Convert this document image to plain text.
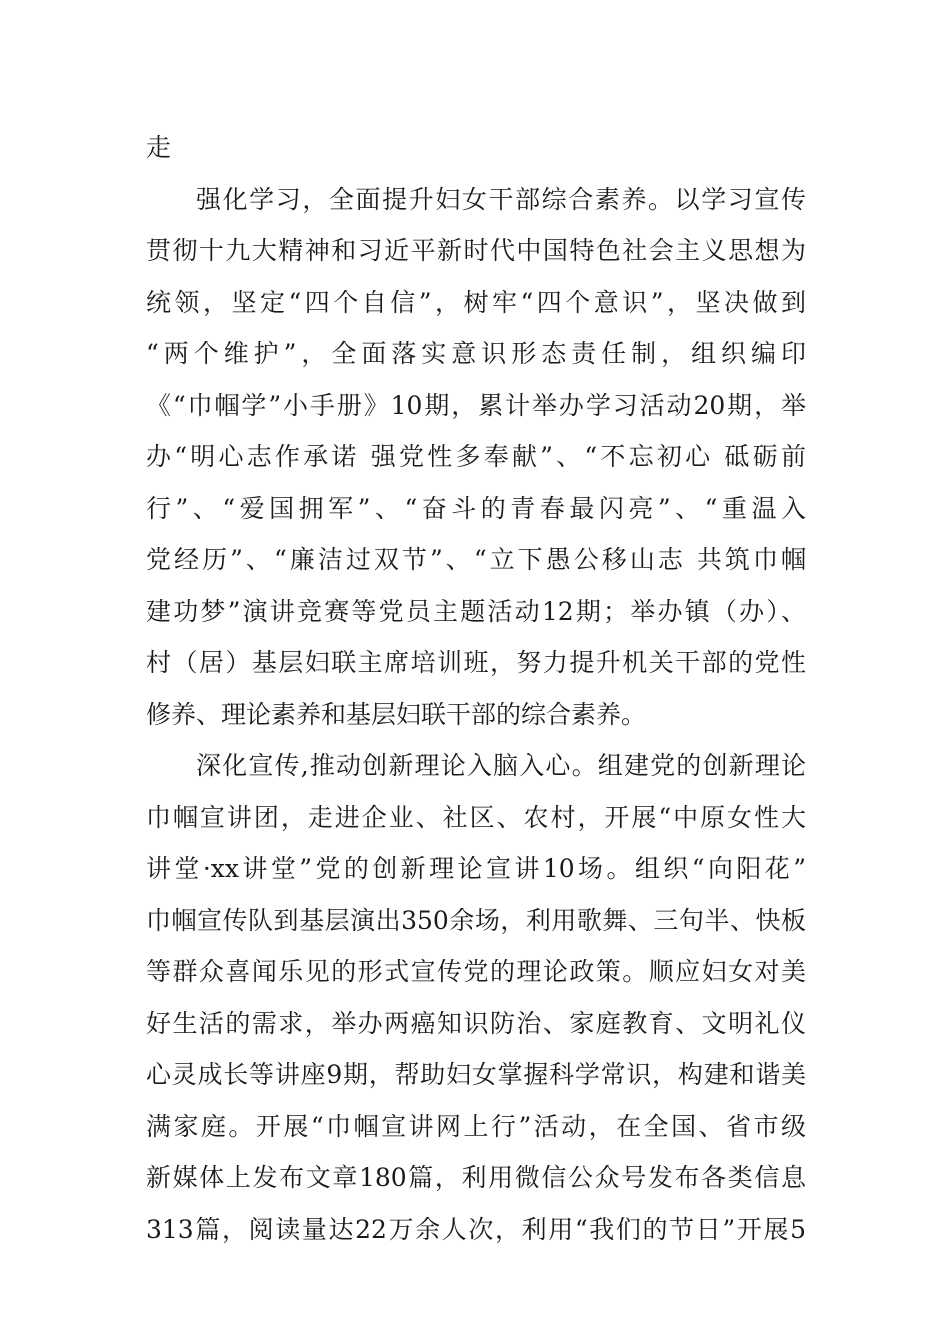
走
强化学习，全面提升妇女干部综合素养。以学习宣传
贯彻十九大精神和习近平新时代中国特色社会主义思想为
统领，坚定“四个自信”，树牢“四个意识”，坚决做到
“两个维护”，全面落实意识形态责任制，组织编印
《“巾帼学”小手册》10期，累计举办学习活动20期，举
办“明心志作承诺 强党性多奉献”、“不忘初心 砥砺前
行”、“爱国拥军”、“奋斗的青春最闪亮”、“重温入
党经历”、“廉洁过双节”、“立下愚公移山志 共筑巾帼
建功梦”演讲竞赛等党员主题活动12期；举办镇（办）、
村（居）基层妇联主席培训班，努力提升机关干部的党性
修养、理论素养和基层妇联干部的综合素养。
深化宣传,推动创新理论入脑入心。组建党的创新理论
巾帼宣讲团，走进企业、社区、农村，开展“中原女性大
讲堂·xx讲堂”党的创新理论宣讲10场。组织“向阳花”
巾帼宣传队到基层演出350余场，利用歌舞、三句半、快板
等群众喜闻乐见的形式宣传党的理论政策。顺应妇女对美
好生活的需求，举办两癌知识防治、家庭教育、文明礼仪
心灵成长等讲座9期，帮助妇女掌握科学常识，构建和谐美
满家庭。开展“巾帼宣讲网上行”活动，在全国、省市级
新媒体上发布文章180篇，利用微信公众号发布各类信息
313篇，阅读量达22万余人次，利用“我们的节日”开展5
